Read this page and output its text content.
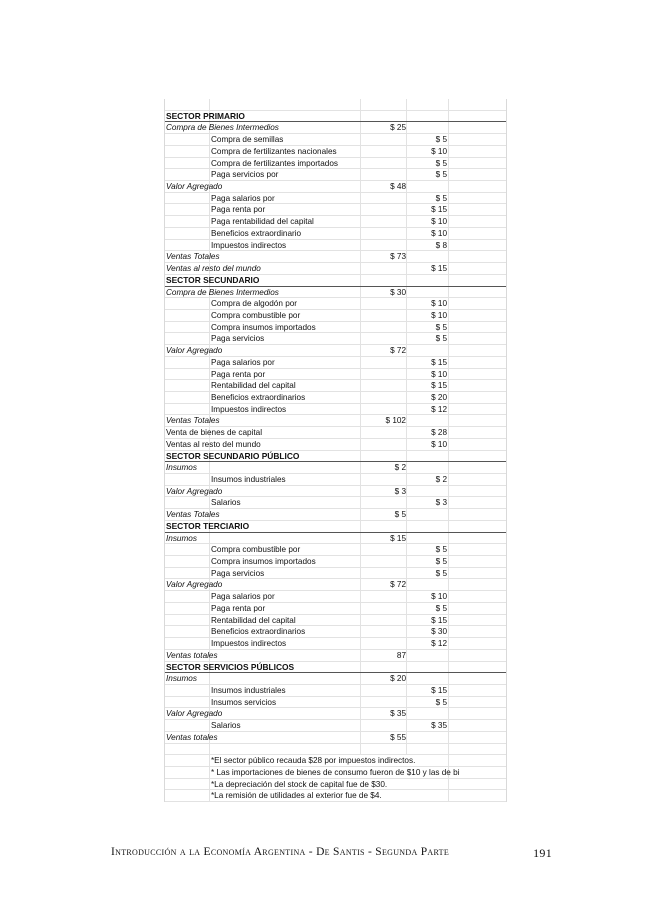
SECTOR PRIMARIO
$ 25
Compra de Bienes Intermedios
$ 5
Compra de semillas
$ 10
Compra de fertilizantes nacionales
$ 5
Compra de fertilizantes importados
$ 5
Paga servicios por
$ 48
Valor Agregado
$ 5
Paga salarios por
$ 15
Paga renta por
$ 10
Paga rentabilidad del capital
$ 10
Beneficios extraordinario
$ 8
Impuestos indirectos
$ 73
Ventas Totales
$ 15
Ventas al resto del mundo
SECTOR SECUNDARIO
$ 30
Compra de Bienes Intermedios
$ 10
Compra de algodón por
$ 10
Compra combustible por
$ 5
Compra insumos importados
$ 5
Paga servicios
$ 72
Valor Agregado
$ 15
Paga salarios por
$ 10
Paga renta por
$ 15
Rentabilidad del capital
$ 20
Beneficios extraordinarios
$ 12
Impuestos indirectos
$ 102
Ventas Totales
$ 28
Venta de bienes de capital
$ 10
Ventas al resto del mundo
SECTOR SECUNDARIO PÚBLICO
$ 2
Insumos
$ 2
Insumos industriales
$ 3
Valor Agregado
$ 3
Salarios
$ 5
Ventas Totales
SECTOR TERCIARIO
$ 15
Insumos
$ 5
Compra combustible por
$ 5
Compra insumos importados
$ 5
Paga servicios
$ 72
Valor Agregado
$ 10
Paga salarios por
$ 5
Paga renta por
$ 15
Rentabilidad del capital
$ 30
Beneficios extraordinarios
$ 12
Impuestos indirectos
87
Ventas totales
SECTOR SERVICIOS PÚBLICOS
$ 20
Insumos
$ 15
Insumos industriales
$ 5
Insumos servicios
$ 35
Valor Agregado
$ 35
Salarios
$ 55
Ventas totales
*El sector público recauda $28 por impuestos indirectos.
* Las importaciones de bienes de consumo fueron de $10 y las de bi
*La depreciación del stock de capital fue de $30.
*La remisión de utilidades al exterior fue de $4.
Introducción a la Economía Argentina - De Santis - Segunda Parte	191
